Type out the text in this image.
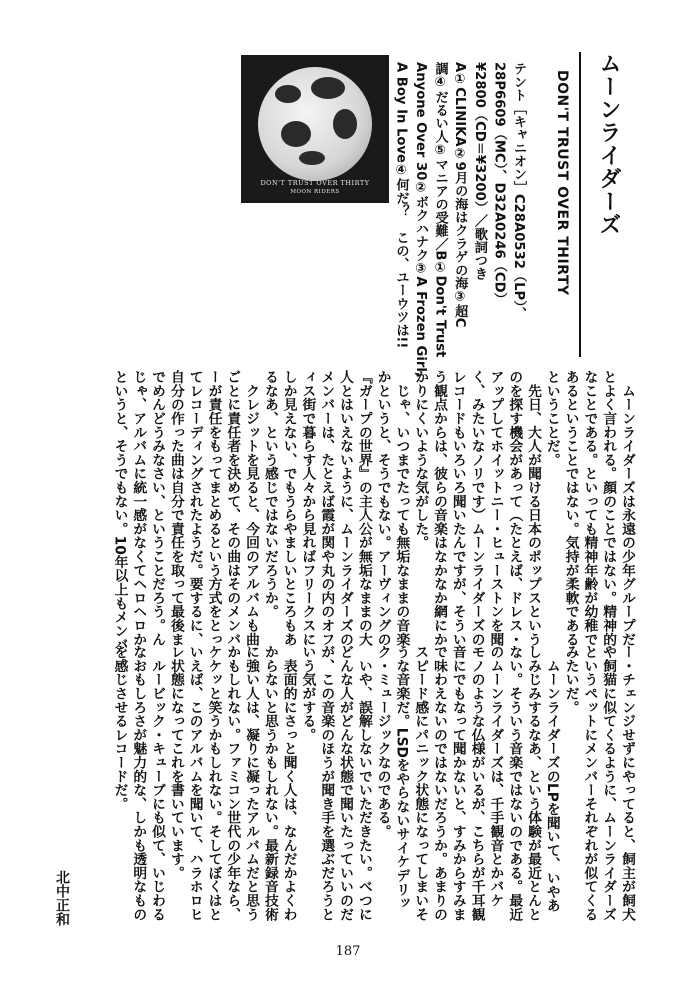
ムーンライダーズ
DON'T TRUST OVER THIRTY
テント［キャニオン］C28A0532（LP）、
28P6609（MC）、D32A0246（CD）
¥2800（CD＝¥3200）／歌詞つき
A①CLINIKA②9月の海はクラゲの海③超C
調④だるい人⑤マニアの受難／B①Don't Trust
Anyone Over 30②ボクハナク③A Frozen Girl,
A Boy In Love④何だ？　この、ユーウツは!!
DON'T TRUST OVER THIRTY
MOON RIDERS
　ムーンライダーズは永遠の少年グループだ
とよく言われる。顔のことではない。精神的
なことである。といっても精神年齢が幼稚で
あるということではない。気持が柔軟である
ということだ。
　先日、大人が聞ける日本のポップスという
のを探す機会があって（たとえば、ドレス・
アップしてホイットニー・ヒューストンを聞
く、みたいなノリです）ムーンライダーズの
レコードもいろいろ聞いたんですが、そうい
う観点からは、彼らの音楽はなかなか網にか
かりにくいような気がした。
　じゃ、いつまでたっても無垢なままの音楽
かというと、そうでもない。アーヴィングの
『ガープの世界』の主人公が無垢なままの大
人とはいえないように、ムーンライダーズの
メンバーは、たとえば霞が関や丸の内のオフ
ィス街で暮らす人々から見ればフリークスに
しか見えない、でもうらやましいところもあ
るなあ、という感じではないだろうか。
　クレジットを見ると、今回のアルバムも曲
ごとに責任者を決めて、その曲はそのメンバ
ーが責任をもってまとめるという方式をとっ
てレコーディングされたようだ。要するに、
自分の作った曲は自分で責任を取って最後ま
でめんどうみなさい、ということだろう。ん
じゃ、アルバムに統一感がなくてヘロヘロか
というと、そうでもない。10年以上もメンバ
ー・チェンジせずにやってると、飼主が飼犬
や飼猫に似てくるように、ムーンライダーズ
というペットにメンバーそれぞれが似てくる
みたいだ。
　ムーンライダーズのLPを聞いて、いやあ
しみじみするなあ、という体験が最近とんと
ない。そういう音楽ではないのである。最近
のムーンライダーズは、千手観音とかバケ
モノのような仏様がいるが、こちらが千耳観
音にでもなって聞かないと、すみからすみま
で味わえないのではないだろうか。あまりの
スピード感にパニック状態になってしまいそ
うな音楽だ。LSDをやらないサイケデリッ
ク・ミュージックなのである。
　いや、誤解しないでいただきたい。べつに
どんな人がどんな状態で聞いたっていいのだ
が、この音楽のほうが聞き手を選ぶだろうと
いう気がする。
　表面的にさっと聞く人は、なんだかよくわ
からないと思うかもしれない。最新録音技術
に強い人は、凝りに凝ったアルバムだと思う
かもしれない。ファミコン世代の少年なら、
ケケッと笑うかもしれない。そしてぼくはと
いえば、このアルバムを聞いて、ハラホロヒ
レ状態になってこれを書いています。
　ルービック・キューブにも似て、いじわる
なおもしろさが魅力的な、しかも透明なもの
を感じさせるレコードだ。
北中正和
187
